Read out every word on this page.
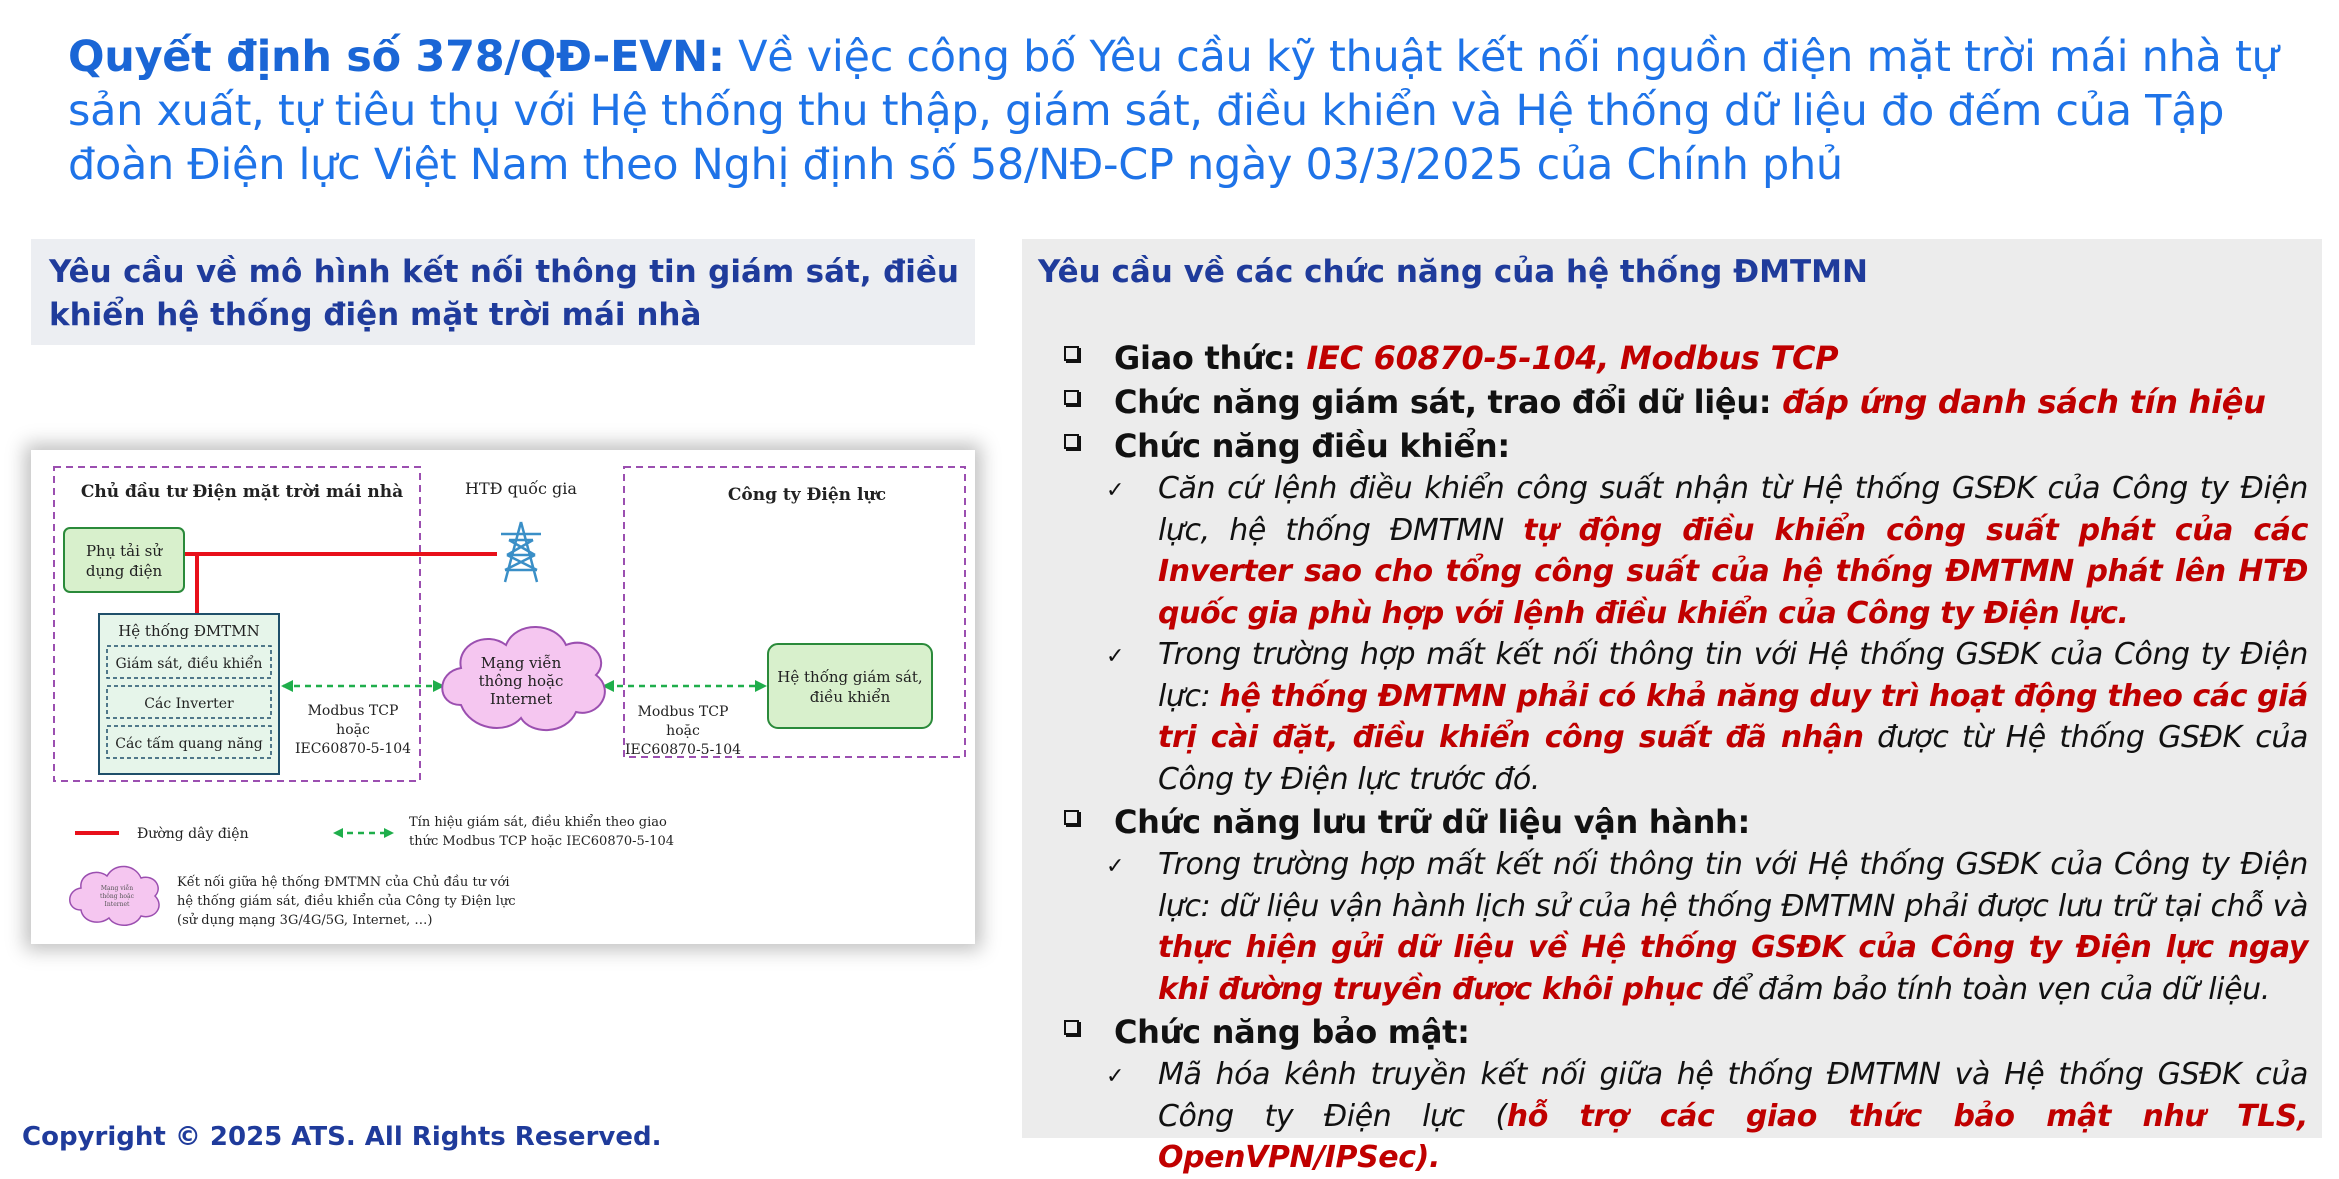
Quyết định số 378/QĐ-EVN: Về việc công bố Yêu cầu kỹ thuật kết nối nguồn điện mặt trời mái nhà tự sản xuất, tự tiêu thụ với Hệ thống thu thập, giám sát, điều khiển và Hệ thống dữ liệu đo đếm của Tập đoàn Điện lực Việt Nam theo Nghị định số 58/NĐ-CP ngày 03/3/2025 của Chính phủ
Yêu cầu về mô hình kết nối thông tin giám sát, điều khiển hệ thống điện mặt trời mái nhà
Chủ đầu tư Điện mặt trời mái nhà	Công ty Điện lực
HTĐ quốc gia
Phụ tải sử
dụng điện
Hệ thống ĐMTMN
Giám sát, điều khiển
Các Inverter
Các tấm quang năng
Mạng viễn
thông hoặc
Internet
Modbus TCP
hoặc
IEC60870-5-104
Modbus TCP
hoặc
IEC60870-5-104
Hệ thống giám sát,
điều khiển
Đường dây điện
Tín hiệu giám sát, điều khiển theo giao
thức Modbus TCP hoặc IEC60870-5-104
Mạng viễn
thông hoặc
Internet
Kết nối giữa hệ thống ĐMTMN của Chủ đầu tư với
hệ thống giám sát, điều khiển của Công ty Điện lực
(sử dụng mạng 3G/4G/5G, Internet, …)
Yêu cầu về các chức năng của hệ thống ĐMTMN
Giao thức: IEC 60870-5-104, Modbus TCP
Chức năng giám sát, trao đổi dữ liệu: đáp ứng danh sách tín hiệu
Chức năng điều khiển:
✓ Căn cứ lệnh điều khiển công suất nhận từ Hệ thống GSĐK của Công ty Điện lực, hệ thống ĐMTMN tự động điều khiển công suất phát của các Inverter sao cho tổng công suất của hệ thống ĐMTMN phát lên HTĐ quốc gia phù hợp với lệnh điều khiển của Công ty Điện lực.
✓ Trong trường hợp mất kết nối thông tin với Hệ thống GSĐK của Công ty Điện lực: hệ thống ĐMTMN phải có khả năng duy trì hoạt động theo các giá trị cài đặt, điều khiển công suất đã nhận được từ Hệ thống GSĐK của Công ty Điện lực trước đó.
Chức năng lưu trữ dữ liệu vận hành:
✓ Trong trường hợp mất kết nối thông tin với Hệ thống GSĐK của Công ty Điện lực: dữ liệu vận hành lịch sử của hệ thống ĐMTMN phải được lưu trữ tại chỗ và thực hiện gửi dữ liệu về Hệ thống GSĐK của Công ty Điện lực ngay khi đường truyền được khôi phục để đảm bảo tính toàn vẹn của dữ liệu.
Chức năng bảo mật:
✓ Mã hóa kênh truyền kết nối giữa hệ thống ĐMTMN và Hệ thống GSĐK của Công ty Điện lực (hỗ trợ các giao thức bảo mật như TLS, OpenVPN/IPSec).
Copyright © 2025 ATS. All Rights Reserved.
